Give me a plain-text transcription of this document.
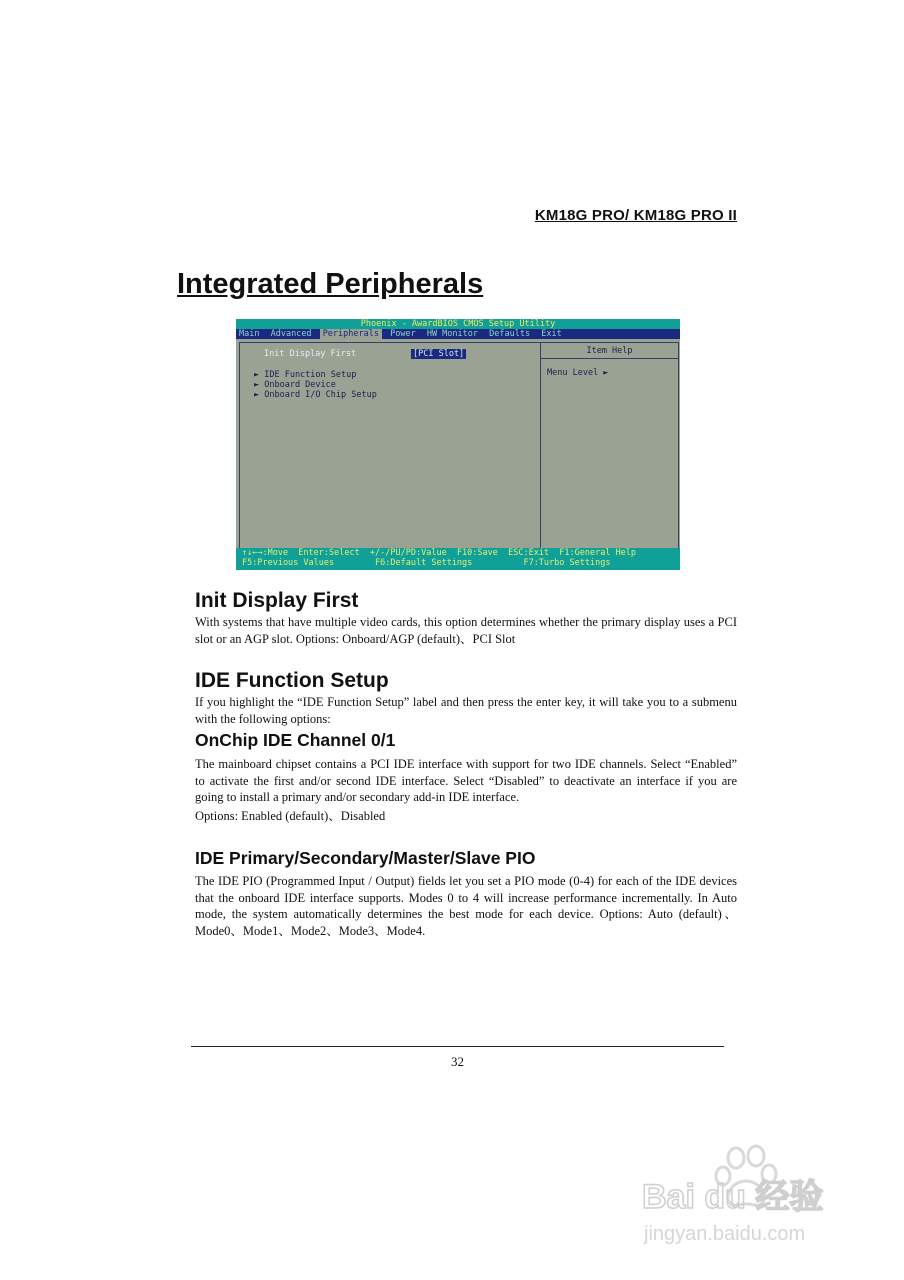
KM18G PRO/ KM18G PRO II
Integrated Peripherals
Phoenix - AwardBIOS CMOS Setup Utility
Main Advanced Peripherals Power HW Monitor Defaults Exit
Init Display First	[PCI Slot]
► IDE Function Setup
► Onboard Device
► Onboard I/O Chip Setup
Item Help
Menu Level ►
↑↓←→:Move  Enter:Select  +/-/PU/PD:Value  F10:Save  ESC:Exit  F1:General Help
F5:Previous Values        F6:Default Settings          F7:Turbo Settings
Init Display First

With systems that have multiple video cards, this option determines whether the primary display uses a PCI slot or an AGP slot. Options: Onboard/AGP (default)、PCI Slot

IDE Function Setup

If you highlight the “IDE Function Setup” label and then press the enter key, it will take you to a submenu with the following options:

OnChip IDE Channel 0/1

The mainboard chipset contains a PCI IDE interface with support for two IDE channels. Select “Enabled” to activate the first and/or second IDE interface. Select “Disabled” to deactivate an interface if you are going to install a primary and/or secondary add-in IDE interface.

Options: Enabled (default)、Disabled

IDE Primary/Secondary/Master/Slave PIO

The IDE PIO (Programmed Input / Output) fields let you set a PIO mode (0-4) for each of the IDE devices that the onboard IDE interface supports. Modes 0 to 4 will increase performance incrementally. In Auto mode, the system automatically determines the best mode for each device. Options: Auto (default)、Mode0、Mode1、Mode2、Mode3、Mode4.

32
Bai du 经验
jingyan.baidu.com
